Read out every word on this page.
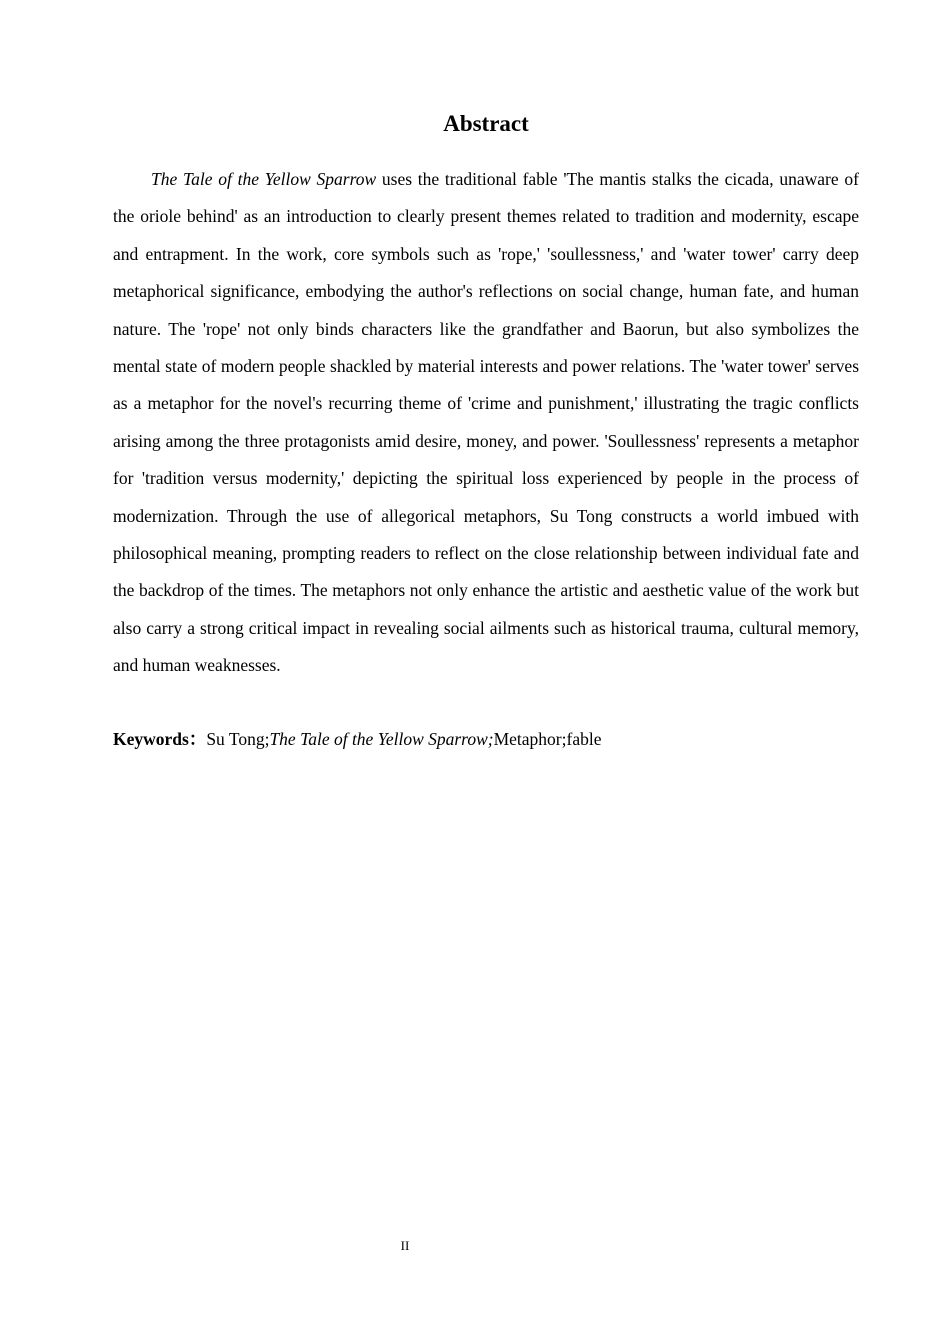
Abstract

The Tale of the Yellow Sparrow uses the traditional fable 'The mantis stalks the cicada, unaware of the oriole behind' as an introduction to clearly present themes related to tradition and modernity, escape and entrapment. In the work, core symbols such as 'rope,' 'soullessness,' and 'water tower' carry deep metaphorical significance, embodying the author's reflections on social change, human fate, and human nature. The 'rope' not only binds characters like the grandfather and Baorun, but also symbolizes the mental state of modern people shackled by material interests and power relations. The 'water tower' serves as a metaphor for the novel's recurring theme of 'crime and punishment,' illustrating the tragic conflicts arising among the three protagonists amid desire, money, and power. 'Soullessness' represents a metaphor for 'tradition versus modernity,' depicting the spiritual loss experienced by people in the process of modernization. Through the use of allegorical metaphors, Su Tong constructs a world imbued with philosophical meaning, prompting readers to reflect on the close relationship between individual fate and the backdrop of the times. The metaphors not only enhance the artistic and aesthetic value of the work but also carry a strong critical impact in revealing social ailments such as historical trauma, cultural memory, and human weaknesses.

Keywords：Su Tong;The Tale of the Yellow Sparrow;Metaphor;fable

II
